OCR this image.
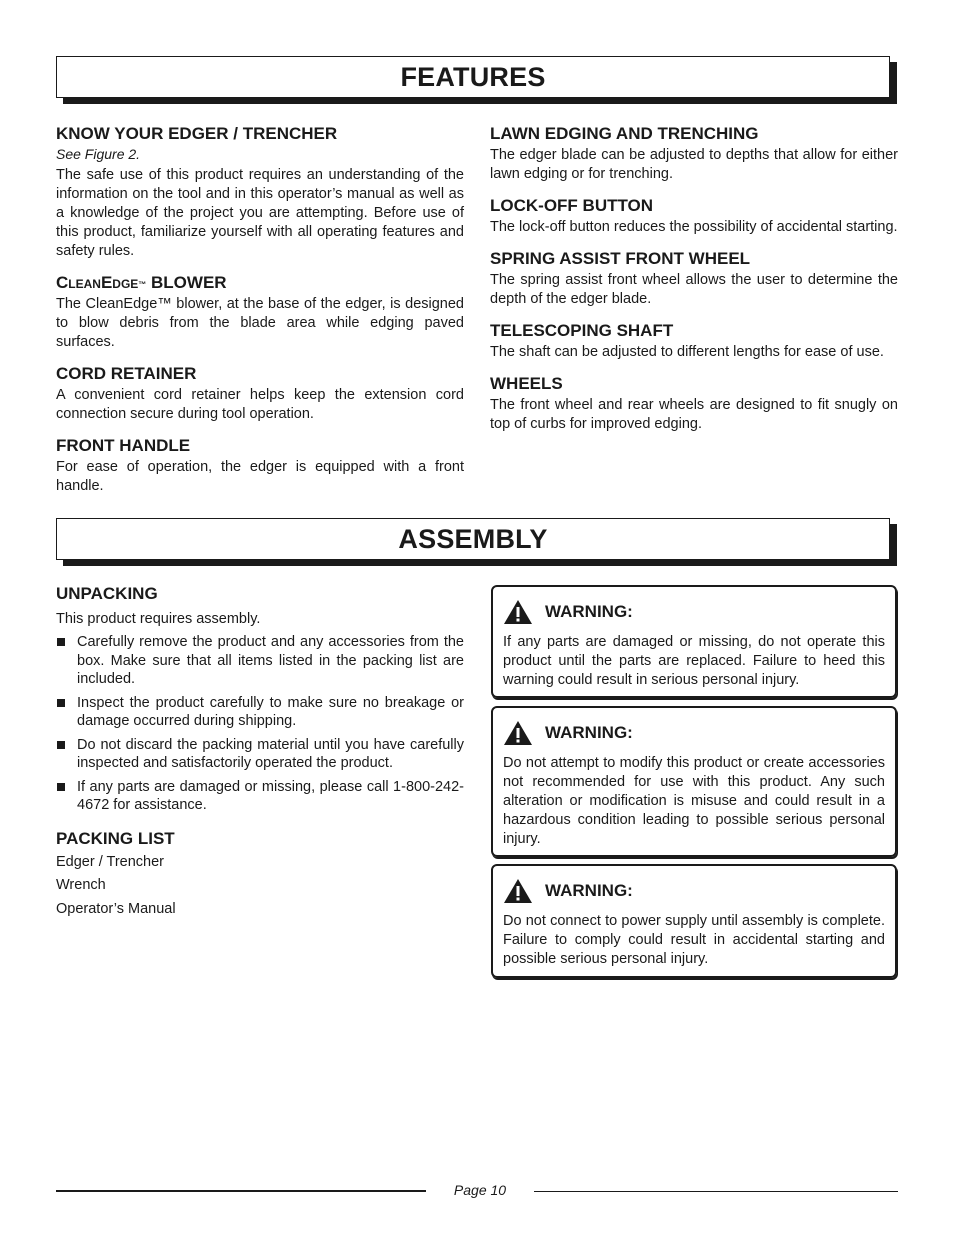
FEATURES
KNOW YOUR EDGER / TRENCHER
See Figure 2.

The safe use of this product requires an understanding of the information on the tool and in this operator’s manual as well as a knowledge of the project you are attempting. Before use of this product, familiarize yourself with all operating features and safety rules.

CleanEdge™ BLOWER

The CleanEdge™ blower, at the base of the edger, is designed to blow debris from the blade area while edging paved surfaces.

CORD RETAINER

A convenient cord retainer helps keep the extension cord connection secure during tool operation.

FRONT HANDLE

For ease of operation, the edger is equipped with a front handle.

LAWN EDGING AND TRENCHING

The edger blade can be adjusted to depths that allow for either lawn edging or for trenching.

LOCK-OFF BUTTON

The lock-off button reduces the possibility of accidental starting.

SPRING ASSIST FRONT WHEEL

The spring assist front wheel allows the user to determine the depth of the edger blade.

TELESCOPING SHAFT

The shaft can be adjusted to different lengths for ease of use.

WHEELS

The front wheel and rear wheels are designed to fit snugly on top of curbs for improved edging.

ASSEMBLY
UNPACKING

This product requires assembly.

Carefully remove the product and any accessories from the box. Make sure that all items listed in the packing list are included.
Inspect the product carefully to make sure no breakage or damage occurred during shipping.
Do not discard the packing material until you have carefully inspected and satisfactorily operated the product.
If any parts are damaged or missing, please call 1-800-242-4672 for assistance.
PACKING LIST
Edger / Trencher
Wrench
Operator’s Manual
WARNING:

If any parts are damaged or missing, do not operate this product until the parts are replaced. Failure to heed this warning could result in serious personal injury.

WARNING:

Do not attempt to modify this product or create accessories not recommended for use with this product. Any such alteration or modification is misuse and could result in a hazardous condition leading to possible serious personal injury.

WARNING:

Do not connect to power supply until assembly is complete. Failure to comply could result in accidental starting and possible serious personal injury.

Page 10
